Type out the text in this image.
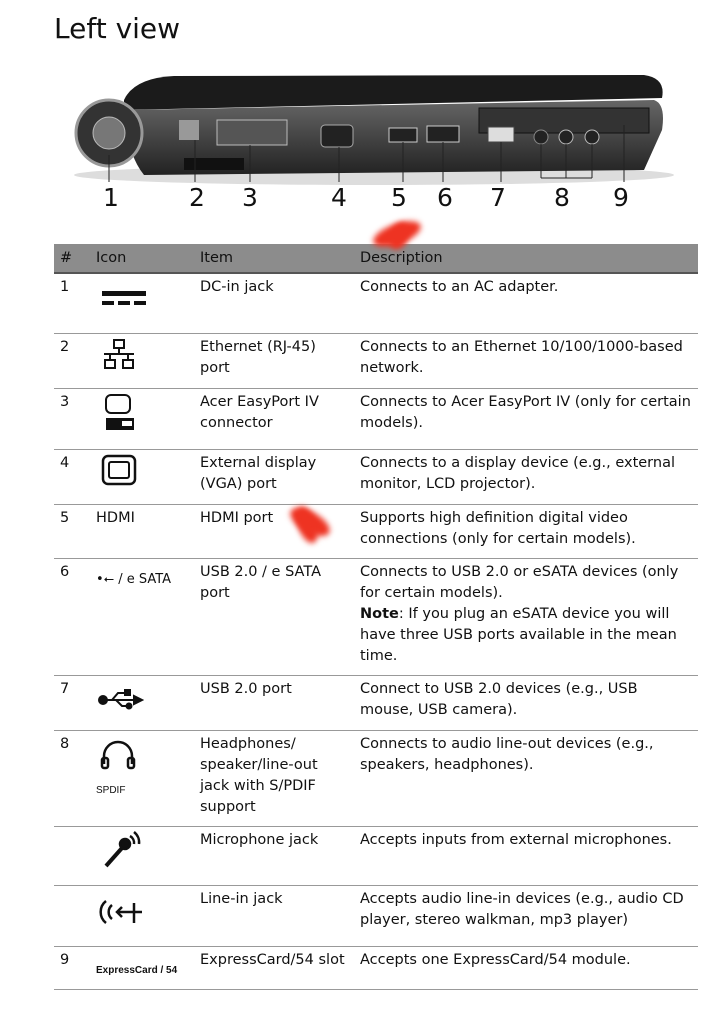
Left view
1	2 3	4 5 6 7 8 9
#	Icon	Item	Description
1		DC-in jack	Connects to an AC adapter.
2		Ethernet (RJ-45) port	Connects to an Ethernet 10/100/1000-based network.
3		Acer EasyPort IV connector	Connects to Acer EasyPort IV (only for certain models).
4		External display (VGA) port	Connects to a display device (e.g., external monitor, LCD projector).
5	HDMI	HDMI port	Supports high definition digital video connections (only for certain models).
6	•⭠ / e SATA	USB 2.0 / e SATA port	Connects to USB 2.0 or eSATA devices (only for certain models).
Note: If you plug an eSATA device you will have three USB ports available in the mean time.
7		USB 2.0 port	Connect to USB 2.0 devices (e.g., USB mouse, USB camera).
8	SPDIF	Headphones/ speaker/line-out jack with S/PDIF support	Connects to audio line-out devices (e.g., speakers, headphones).
		Microphone jack	Accepts inputs from external microphones.
		Line-in jack	Accepts audio line-in devices (e.g., audio CD player, stereo walkman, mp3 player)
9	ExpressCard / 54	ExpressCard/54 slot	Accepts one ExpressCard/54 module.
